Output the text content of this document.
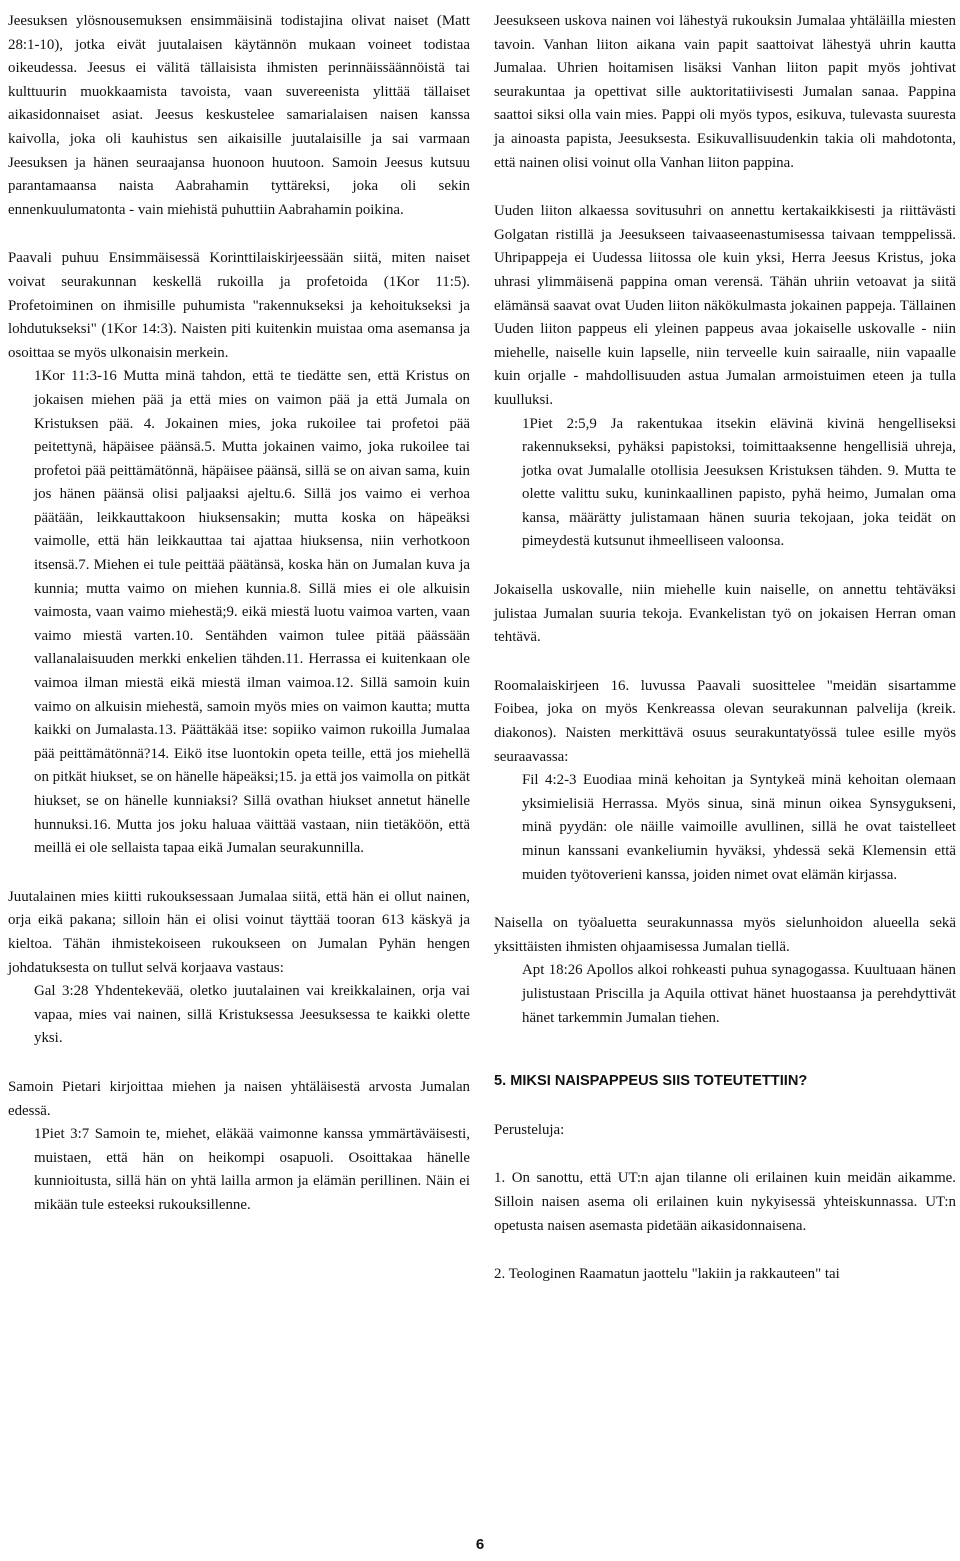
Jeesuksen ylösnousemuksen ensimmäisinä todistajina olivat naiset (Matt 28:1-10), jotka eivät juutalaisen käytännön mukaan voineet todistaa oikeudessa. Jeesus ei välitä tällaisista ihmisten perinnäissäännöistä tai kulttuurin muokkaamista tavoista, vaan suvereenista ylittää tällaiset aikasidonnaiset asiat. Jeesus keskustelee samarialaisen naisen kanssa kaivolla, joka oli kauhistus sen aikaisille juutalaisille ja sai varmaan Jeesuksen ja hänen seuraajansa huonoon huutoon. Samoin Jeesus kutsuu parantamaansa naista Aabrahamin tyttäreksi, joka oli sekin ennenkuulumatonta - vain miehistä puhuttiin Aabrahamin poikina.

Paavali puhuu Ensimmäisessä Korinttilaiskirjeessään siitä, miten naiset voivat seurakunnan keskellä rukoilla ja profetoida (1Kor 11:5). Profetoiminen on ihmisille puhumista "rakennukseksi ja kehoitukseksi ja lohdutukseksi" (1Kor 14:3). Naisten piti kuitenkin muistaa oma asemansa ja osoittaa se myös ulkonaisin merkein.

1Kor 11:3-16 Mutta minä tahdon, että te tiedätte sen, että Kristus on jokaisen miehen pää ja että mies on vaimon pää ja että Jumala on Kristuksen pää. 4. Jokainen mies, joka rukoilee tai profetoi pää peitettynä, häpäisee päänsä.5. Mutta jokainen vaimo, joka rukoilee tai profetoi pää peittämätönnä, häpäisee päänsä, sillä se on aivan sama, kuin jos hänen päänsä olisi paljaaksi ajeltu.6. Sillä jos vaimo ei verhoa päätään, leikkauttakoon hiuksensakin; mutta koska on häpeäksi vaimolle, että hän leikkauttaa tai ajattaa hiuksensa, niin verhotkoon itsensä.7. Miehen ei tule peittää päätänsä, koska hän on Jumalan kuva ja kunnia; mutta vaimo on miehen kunnia.8. Sillä mies ei ole alkuisin vaimosta, vaan vaimo miehestä;9. eikä miestä luotu vaimoa varten, vaan vaimo miestä varten.10. Sentähden vaimon tulee pitää päässään vallanalaisuuden merkki enkelien tähden.11. Herrassa ei kuitenkaan ole vaimoa ilman miestä eikä miestä ilman vaimoa.12. Sillä samoin kuin vaimo on alkuisin miehestä, samoin myös mies on vaimon kautta; mutta kaikki on Jumalasta.13. Päättäkää itse: sopiiko vaimon rukoilla Jumalaa pää peittämätönnä?14. Eikö itse luontokin opeta teille, että jos miehellä on pitkät hiukset, se on hänelle häpeäksi;15. ja että jos vaimolla on pitkät hiukset, se on hänelle kunniaksi? Sillä ovathan hiukset annetut hänelle hunnuksi.16. Mutta jos joku haluaa väittää vastaan, niin tietäköön, että meillä ei ole sellaista tapaa eikä Jumalan seurakunnilla.

Juutalainen mies kiitti rukouksessaan Jumalaa siitä, että hän ei ollut nainen, orja eikä pakana; silloin hän ei olisi voinut täyttää tooran 613 käskyä ja kieltoa. Tähän ihmistekoiseen rukoukseen on Jumalan Pyhän hengen johdatuksesta on tullut selvä korjaava vastaus:

Gal 3:28 Yhdentekevää, oletko juutalainen vai kreikkalainen, orja vai vapaa, mies vai nainen, sillä Kristuksessa Jeesuksessa te kaikki olette yksi.

Samoin Pietari kirjoittaa miehen ja naisen yhtäläisestä arvosta Jumalan edessä.

1Piet 3:7 Samoin te, miehet, eläkää vaimonne kanssa ymmärtäväisesti, muistaen, että hän on heikompi osapuoli. Osoittakaa hänelle kunnioitusta, sillä hän on yhtä lailla armon ja elämän perillinen. Näin ei mikään tule esteeksi rukouksillenne.

Jeesukseen uskova nainen voi lähestyä rukouksin Jumalaa yhtäläilla miesten tavoin. Vanhan liiton aikana vain papit saattoivat lähestyä uhrin kautta Jumalaa. Uhrien hoitamisen lisäksi Vanhan liiton papit myös johtivat seurakuntaa ja opettivat sille auktoritatiivisesti Jumalan sanaa. Pappina saattoi siksi olla vain mies. Pappi oli myös typos, esikuva, tulevasta suuresta ja ainoasta papista, Jeesuksesta. Esikuvallisuudenkin takia oli mahdotonta, että nainen olisi voinut olla Vanhan liiton pappina.

Uuden liiton alkaessa sovitusuhri on annettu kertakaikkisesti ja riittävästi Golgatan ristillä ja Jeesukseen taivaaseenastumisessa taivaan temppelissä. Uhripappeja ei Uudessa liitossa ole kuin yksi, Herra Jeesus Kristus, joka uhrasi ylimmäisenä pappina oman verensä. Tähän uhriin vetoavat ja siitä elämänsä saavat ovat Uuden liiton näkökulmasta jokainen pappeja. Tällainen Uuden liiton pappeus eli yleinen pappeus avaa jokaiselle uskovalle - niin miehelle, naiselle kuin lapselle, niin terveelle kuin sairaalle, niin vapaalle kuin orjalle - mahdollisuuden astua Jumalan armoistuimen eteen ja tulla kuulluksi.

1Piet 2:5,9 Ja rakentukaa itsekin elävinä kivinä hengelliseksi rakennukseksi, pyhäksi papistoksi, toimittaaksenne hengellisiä uhreja, jotka ovat Jumalalle otollisia Jeesuksen Kristuksen tähden. 9. Mutta te olette valittu suku, kuninkaallinen papisto, pyhä heimo, Jumalan oma kansa, määrätty julistamaan hänen suuria tekojaan, joka teidät on pimeydestä kutsunut ihmeelliseen valoonsa.

Jokaisella uskovalle, niin miehelle kuin naiselle, on annettu tehtäväksi julistaa Jumalan suuria tekoja. Evankelistan työ on jokaisen Herran oman tehtävä.

Roomalaiskirjeen 16. luvussa Paavali suosittelee "meidän sisartamme Foibea, joka on myös Kenkreassa olevan seurakunnan palvelija (kreik. diakonos). Naisten merkittävä osuus seurakuntatyössä tulee esille myös seuraavassa:

Fil 4:2-3 Euodiaa minä kehoitan ja Syntykeä minä kehoitan olemaan yksimielisiä Herrassa. Myös sinua, sinä minun oikea Synsygukseni, minä pyydän: ole näille vaimoille avullinen, sillä he ovat taistelleet minun kanssani evankeliumin hyväksi, yhdessä sekä Klemensin että muiden työtoverieni kanssa, joiden nimet ovat elämän kirjassa.

Naisella on työaluetta seurakunnassa myös sielunhoidon alueella sekä yksittäisten ihmisten ohjaamisessa Jumalan tiellä.

Apt 18:26 Apollos alkoi rohkeasti puhua synagogassa. Kuultuaan hänen julistustaan Priscilla ja Aquila ottivat hänet huostaansa ja perehdyttivät hänet tarkemmin Jumalan tiehen.

5. MIKSI NAISPAPPEUS SIIS TOTEUTETTIIN?

Perusteluja:

1. On sanottu, että UT:n ajan tilanne oli erilainen kuin meidän aikamme. Silloin naisen asema oli erilainen kuin nykyisessä yhteiskunnassa. UT:n opetusta naisen asemasta pidetään aikasidonnaisena.

2. Teologinen Raamatun jaottelu "lakiin ja rakkauteen" tai

6
